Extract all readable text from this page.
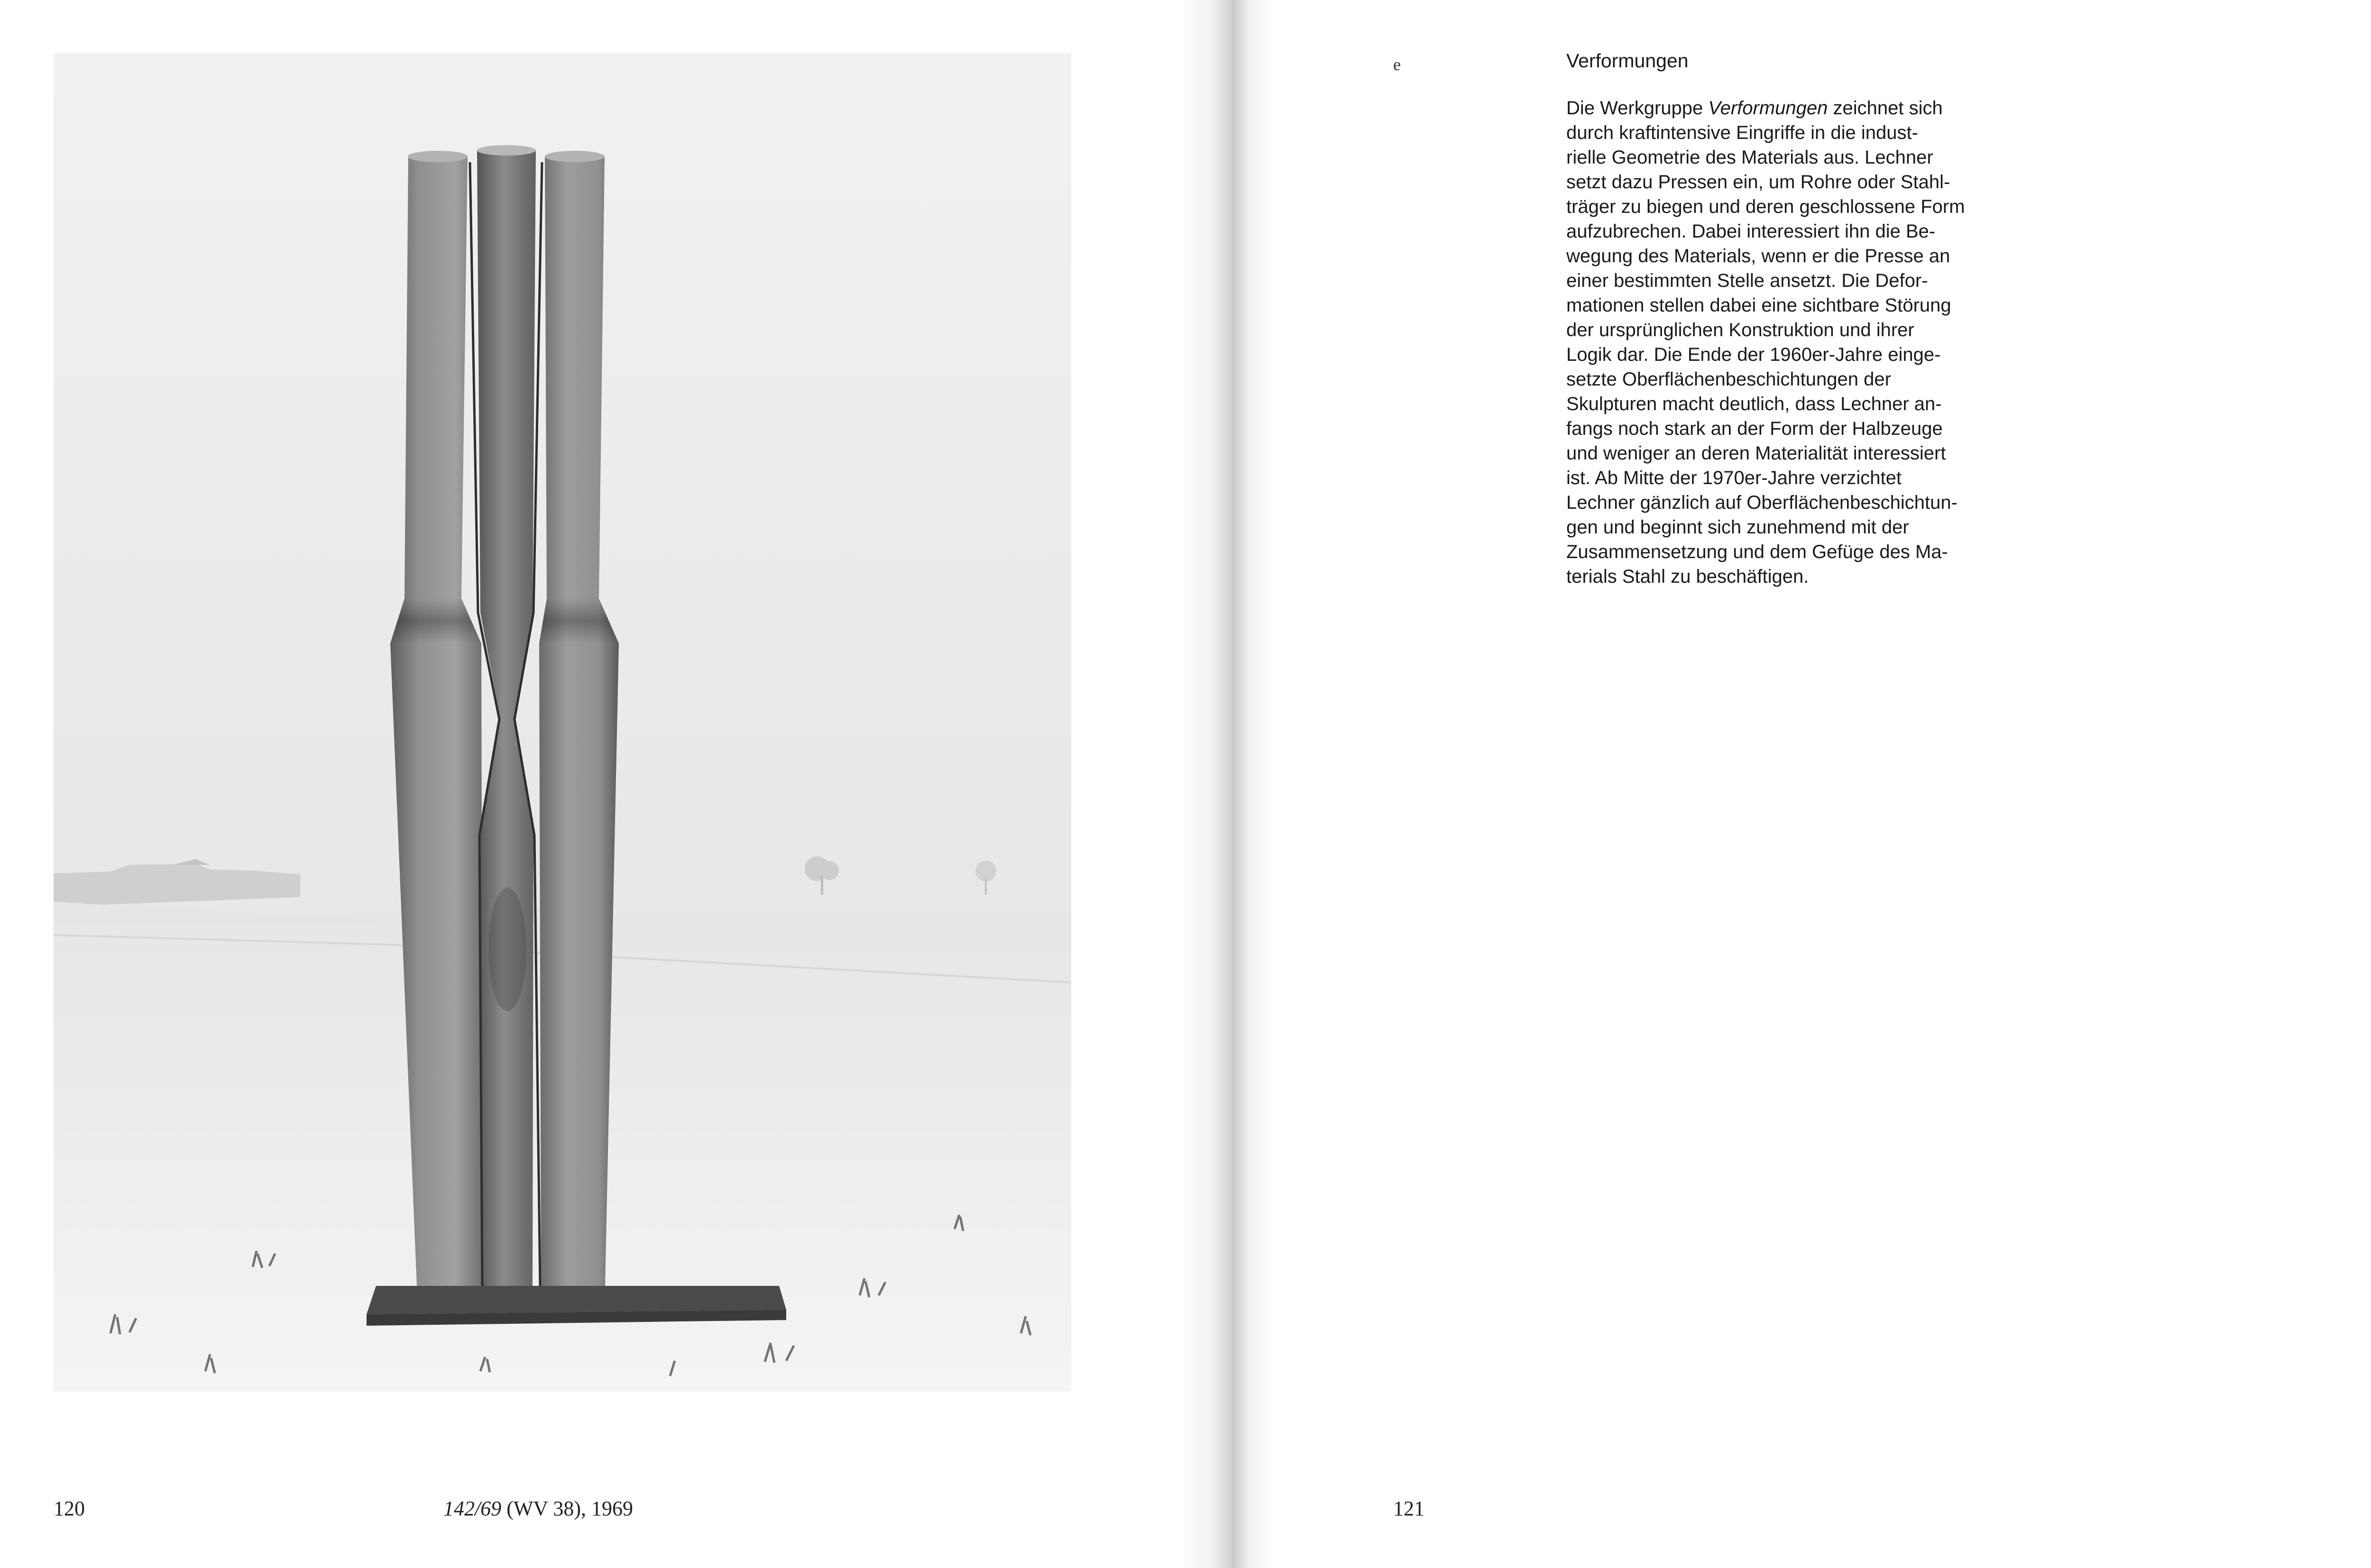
120	142/69 (WV 38), 1969
e	Verformungen
Die Werkgruppe Verformungen zeichnet sich
durch kraftintensive Eingriffe in die indust-
rielle Geometrie des Materials aus. Lechner
setzt dazu Pressen ein, um Rohre oder Stahl-
träger zu biegen und deren geschlossene Form
aufzubrechen. Dabei interessiert ihn die Be-
wegung des Materials, wenn er die Presse an
einer bestimmten Stelle ansetzt. Die Defor-
mationen stellen dabei eine sichtbare Störung
der ursprünglichen Konstruktion und ihrer
Logik dar. Die Ende der 1960er-Jahre einge-
setzte Oberflächenbeschichtungen der
Skulpturen macht deutlich, dass Lechner an-
fangs noch stark an der Form der Halbzeuge
und weniger an deren Materialität interessiert
ist. Ab Mitte der 1970er-Jahre verzichtet
Lechner gänzlich auf Oberflächenbeschichtun-
gen und beginnt sich zunehmend mit der
Zusammensetzung und dem Gefüge des Ma-
terials Stahl zu beschäftigen.
121
